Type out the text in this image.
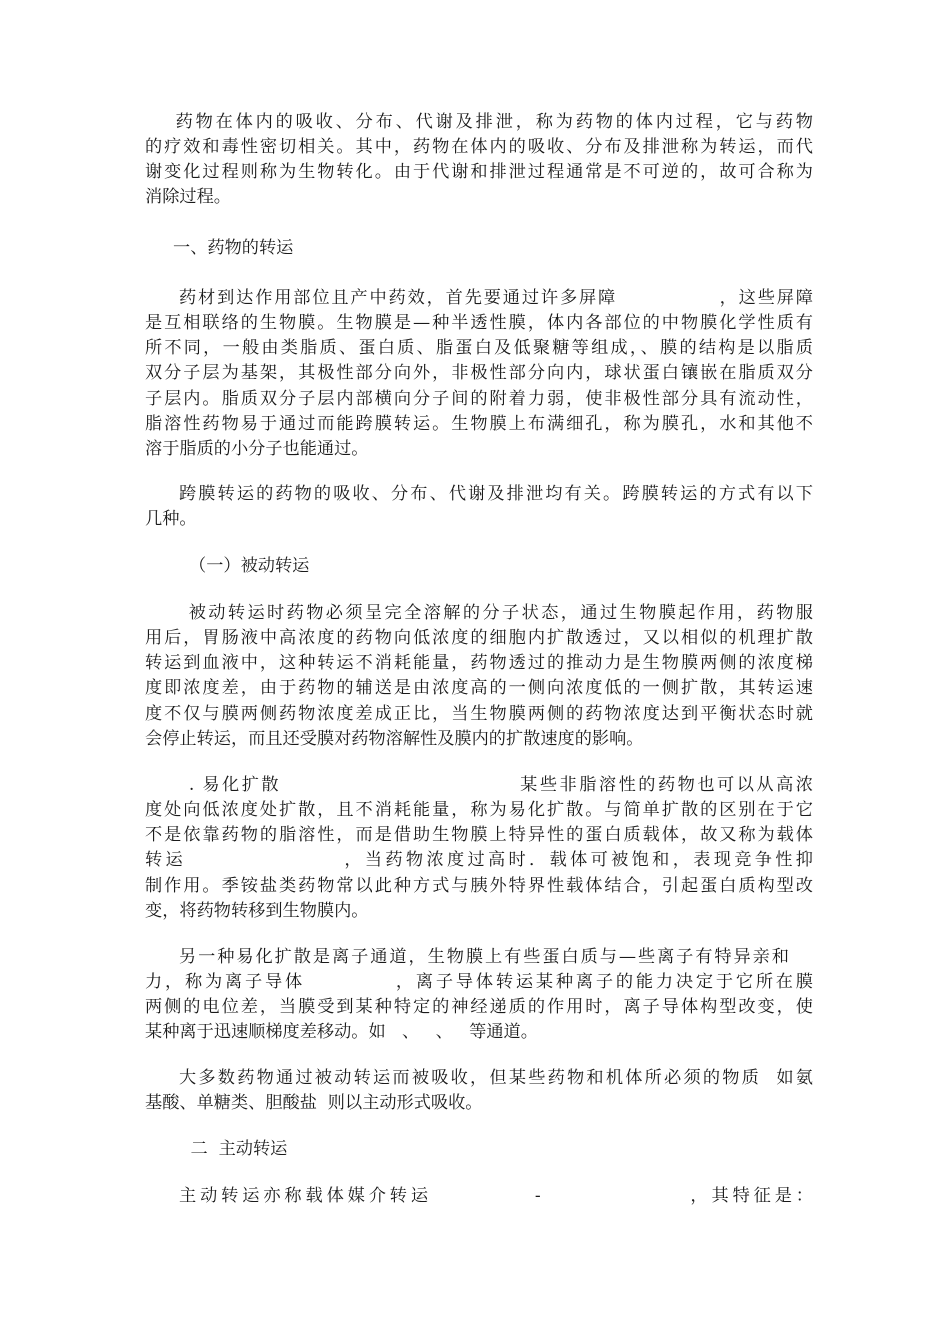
药物在体内的吸收、分布、代谢及排泄，称为药物的体内过程，它与药物
的疗效和毒性密切相关。其中，药物在体内的吸收、分布及排泄称为转运，而代
谢变化过程则称为生物转化。由于代谢和排泄过程通常是不可逆的，故可合称为
消除过程。
一、药物的转运
药材到达作用部位且产中药效，首先要通过许多屏障              ，这些屏障
是互相联络的生物膜。生物膜是—种半透性膜，体内各部位的中物膜化学性质有
所不同，一般由类脂质、蛋白质、脂蛋白及低聚糖等组成，、膜的结构是以脂质
双分子层为基架，其极性部分向外，非极性部分向内，球状蛋白镶嵌在脂质双分
子层内。脂质双分子层内部横向分子间的附着力弱，使非极性部分具有流动性，
脂溶性药物易于通过而能跨膜转运。生物膜上布满细孔，称为膜孔，水和其他不
溶于脂质的小分子也能通过。
跨膜转运的药物的吸收、分布、代谢及排泄均有关。跨膜转运的方式有以下
几种。
（一）被动转运
被动转运时药物必须呈完全溶解的分子状态，通过生物膜起作用，药物服
用后，胃肠液中高浓度的药物向低浓度的细胞内扩散透过，又以相似的机理扩散
转运到血液中，这种转运不消耗能量，药物透过的推动力是生物膜两侧的浓度梯
度即浓度差，由于药物的辅送是由浓度高的一侧向浓度低的一侧扩散，其转运速
度不仅与膜两侧药物浓度差成正比，当生物膜两侧的药物浓度达到平衡状态时就
会停止转运，而且还受膜对药物溶解性及膜内的扩散速度的影响。
. 易化扩散                              某些非脂溶性的药物也可以从高浓
度处向低浓度处扩散，且不消耗能量，称为易化扩散。与简单扩散的区别在于它
不是依靠药物的脂溶性，而是借助生物膜上特异性的蛋白质载体，故又称为载体
转运                  ，当药物浓度过高时．载体可被饱和，表现竞争性抑
制作用。季铵盐类药物常以此种方式与胰外特界性载体结合，引起蛋白质构型改
变，将药物转移到生物膜内。
另一种易化扩散是离子通道，生物膜上有些蛋白质与—些离子有特异亲和
力，称为离子导体           ，离子导体转运某种离子的能力决定于它所在膜
两侧的电位差，当膜受到某种特定的神经递质的作用时，离子导体构型改变，使
某种离于迅速顺梯度差移动。如   、   、   等通道。
大多数药物通过被动转运而被吸收，但某些药物和机体所必须的物质  如氨
基酸、单糖类、胆酸盐  则以主动形式吸收。
二  主动转运
主动转运亦称载体媒介转运           -                ，其特征是：
